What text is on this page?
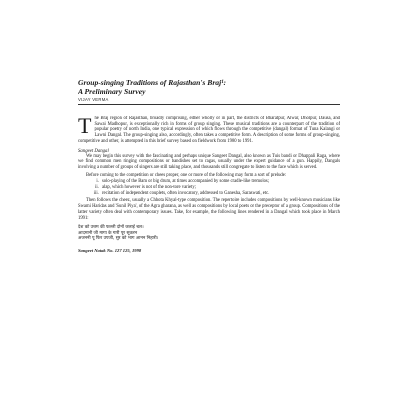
Group-singing Traditions of Rajasthan's Braj¹:
A Preliminary Survey
VIJAY VERMA
T he Braj region of Rajasthan, broadly comprising, either wholly or in part, the districts of Bharatpur, Alwar, Dholpur, Dausa, and Sawai Madhopur, is exceptionally rich in forms of group singing. These musical traditions are a counterpart of the tradition of popular poetry of north India, one typical expression of which flows through the competitive (dangal) format of Tuna Kalangi or Lawni Dangal. The group-singing also, accordingly, often takes a competitive form. A description of some forms of group-singing, competitive and other, is attempted in this brief survey based on fieldwork from 1980 to 1991.

Sangeet Dangal

We may begin this survey with the fascinating and perhaps unique Sangeet Dangal, also known as Tuis bandi or Dhappali Raga, where we find common men ringing compositions or bandishes set to ragas, usually under the expert guidance of a gun. Happily, Dangals involving a number of groups of singers are still taking place, and thousands still congregate to listen to the face which is served.

Before coming to the competition or chees proper, one or more of the following may form a sort of prelude:

i. solo-playing of the Bam or big drum, at times accompanied by some cradle-like tremolos;
ii. alap, which however is not of the non-tore variety;
iii. recitation of independent couplets, often invocatory, addressed to Ganesha, Saraswati, etc.

Then follows the cheez, usually a Chhota Khyal-type composition. The repertoire includes compositions by well-known musicians like Swami Haridas and 'Sunil Piya', of the Agra gharana, as well as compositions by local poets or the preceptor of a group. Compositions of the latter variety often deal with contemporary issues. Take, for example, the following lines rendered in a Dangal which took place in March 1991:

देश को उत्तम की फल्ली दोनों जलाई चल।
आदमानी जी मागा के गारी पूर सूकरन
अजननी पू फिर उपजी, सुर को भाग आनन निहारी।
Sangeet Natak No. 127 125, 1998
